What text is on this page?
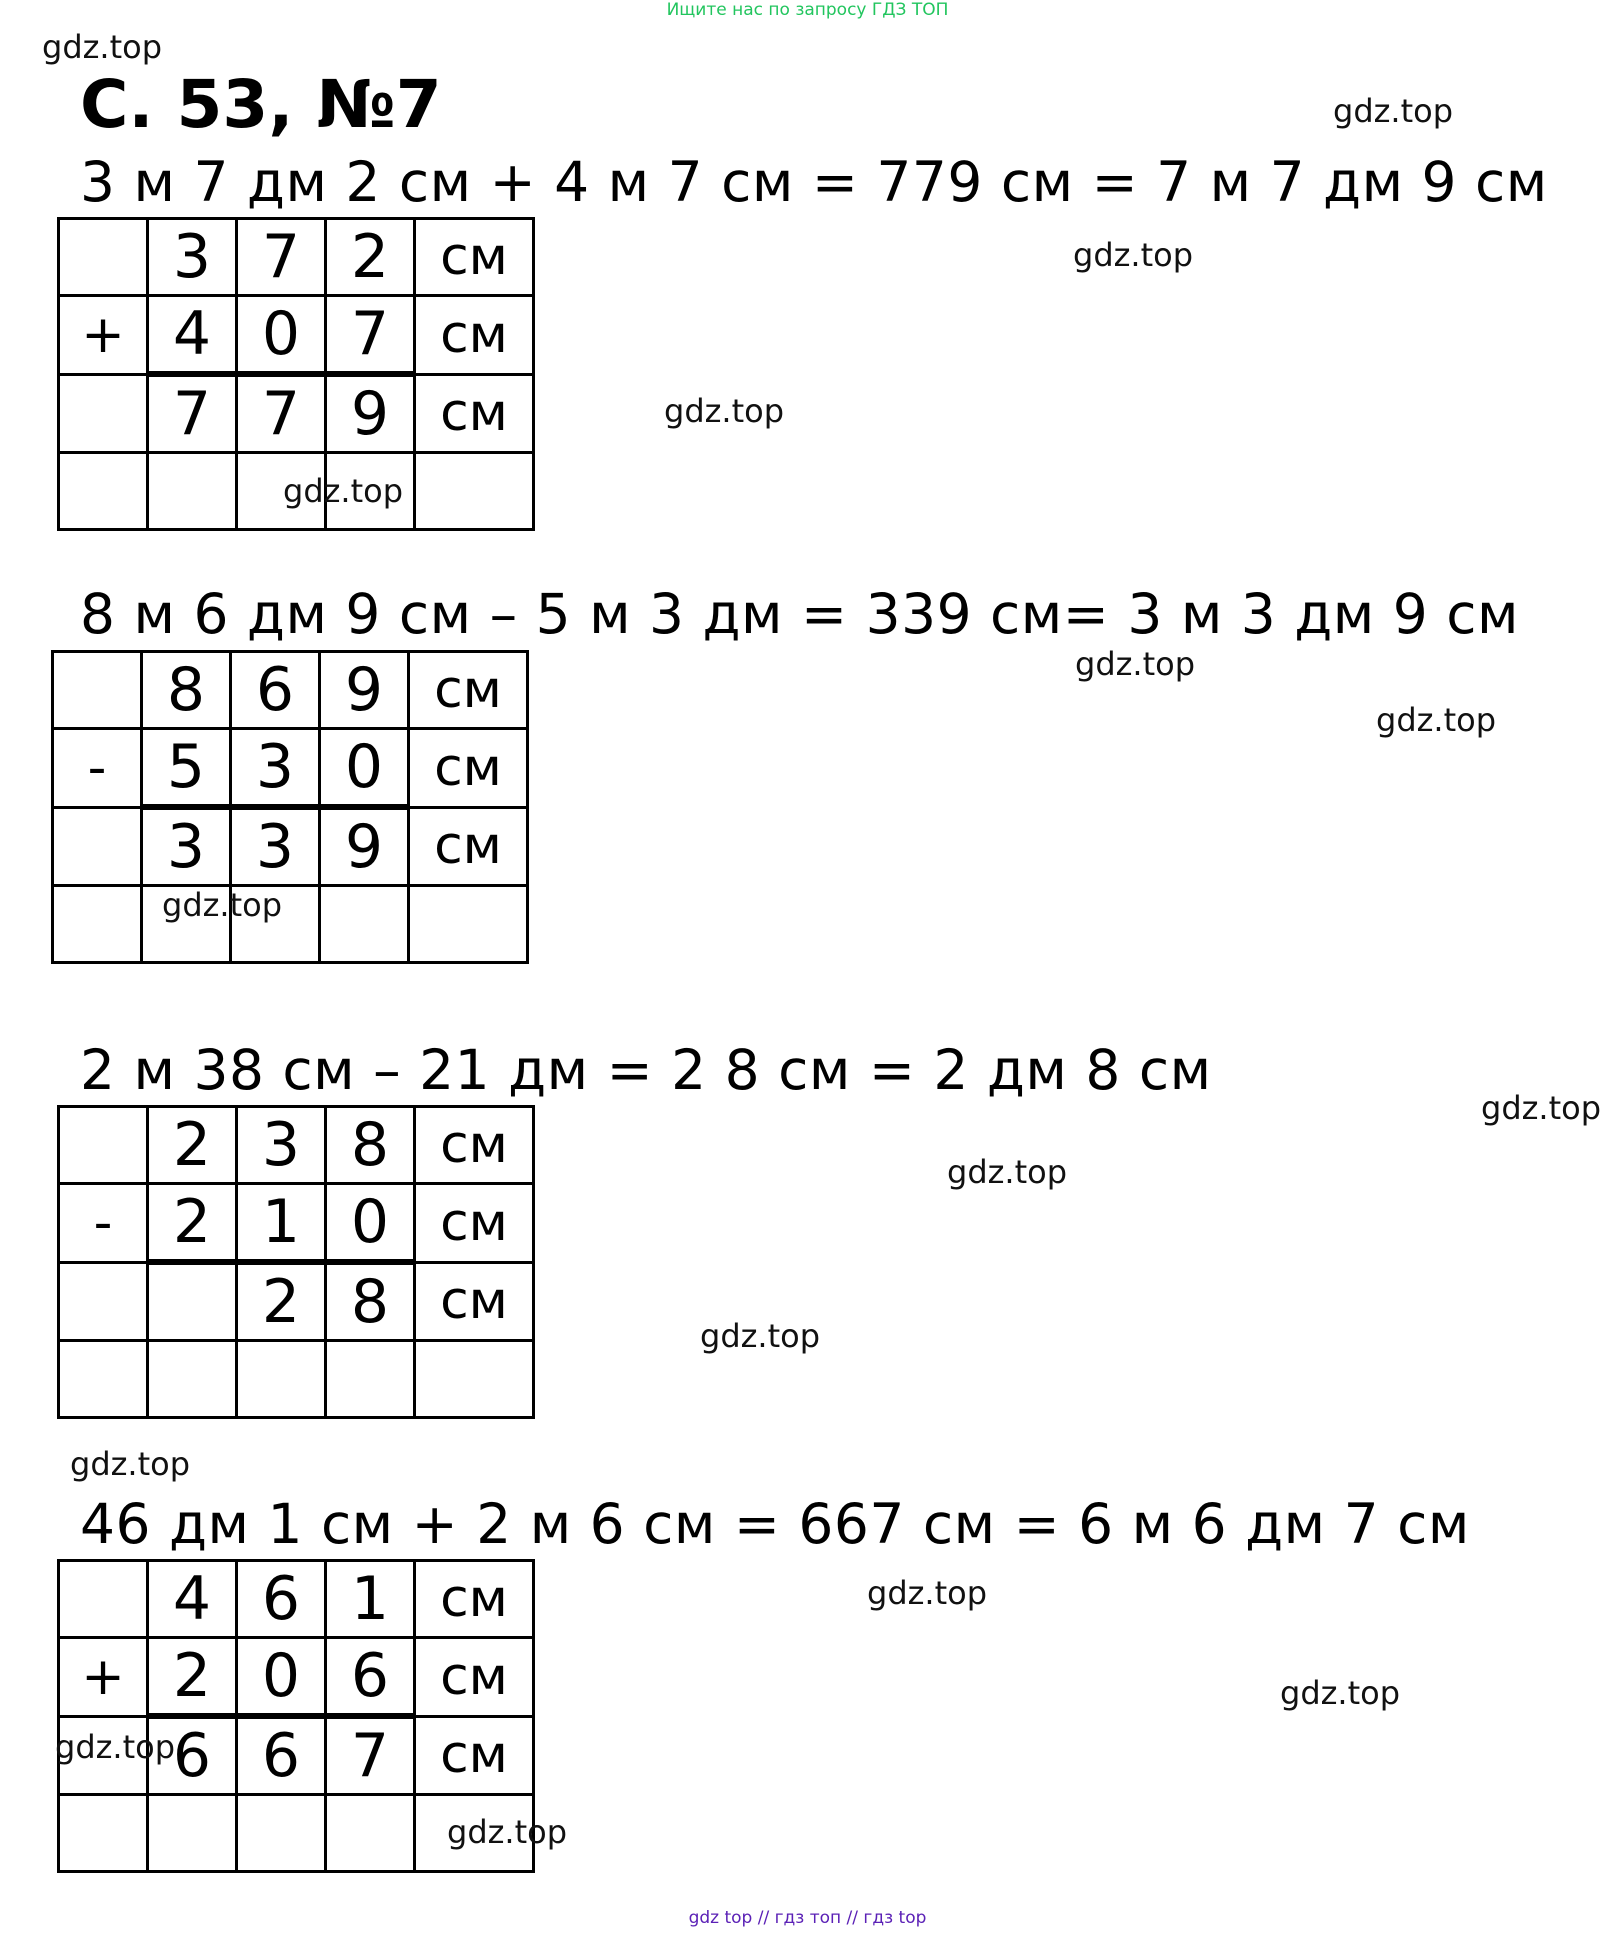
Ищите нас по запросу ГДЗ ТОП
С. 53, №7
3 м 7 дм 2 см + 4 м 7 см = 779 см = 7 м 7 дм 9 см
	3	7	2	см
+	4	0	7	см
	7	7	9	см

8 м 6 дм 9 см – 5 м 3 дм = 339 см= 3 м 3 дм 9 см
	8	6	9	см
-	5	3	0	см
	3	3	9	см

2 м 38 см – 21 дм = 2 8 см = 2 дм 8 см
	2	3	8	см
-	2	1	0	см
		2	8	см

46 дм 1 см + 2 м 6 см = 667 см = 6 м 6 дм 7 см
	4	6	1	см
+	2	0	6	см
	6	6	7	см

gdz.top
gdz.top
gdz.top
gdz.top
gdz.top
gdz.top
gdz.top
gdz.top
gdz.top
gdz.top
gdz.top
gdz.top
gdz.top
gdz.top
gdz.top
gdz.top
gdz top // гдз топ // гдз top
